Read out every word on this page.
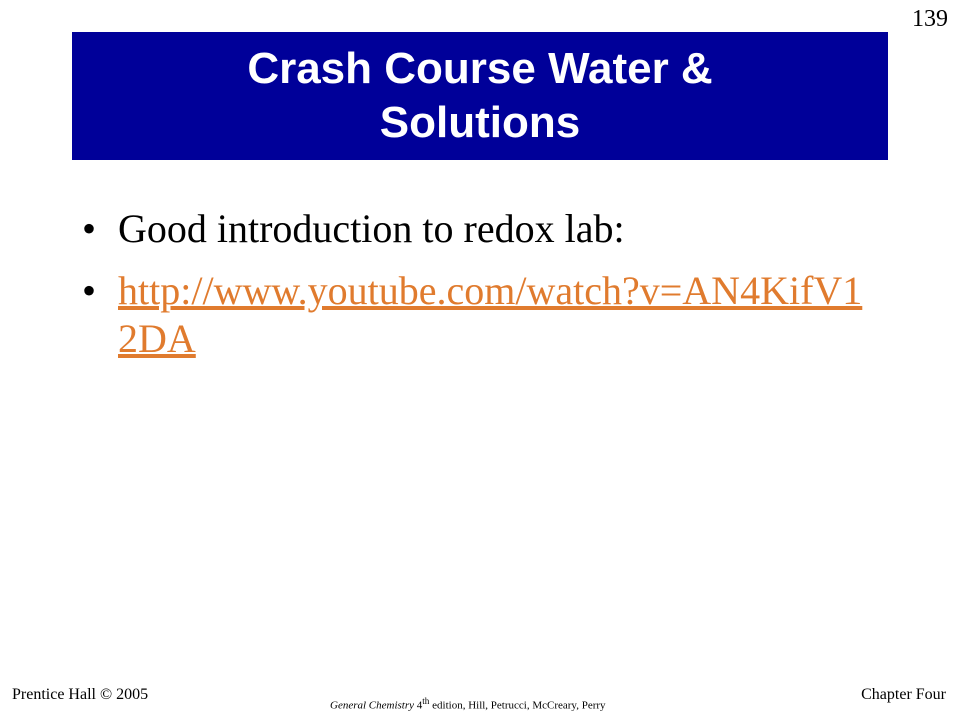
139
Crash Course Water & Solutions
• Good introduction to redox lab:
• http://www.youtube.com/watch?v=AN4KifV12DA
Prentice Hall © 2005
General Chemistry 4th edition, Hill, Petrucci, McCreary, Perry
Chapter Four
